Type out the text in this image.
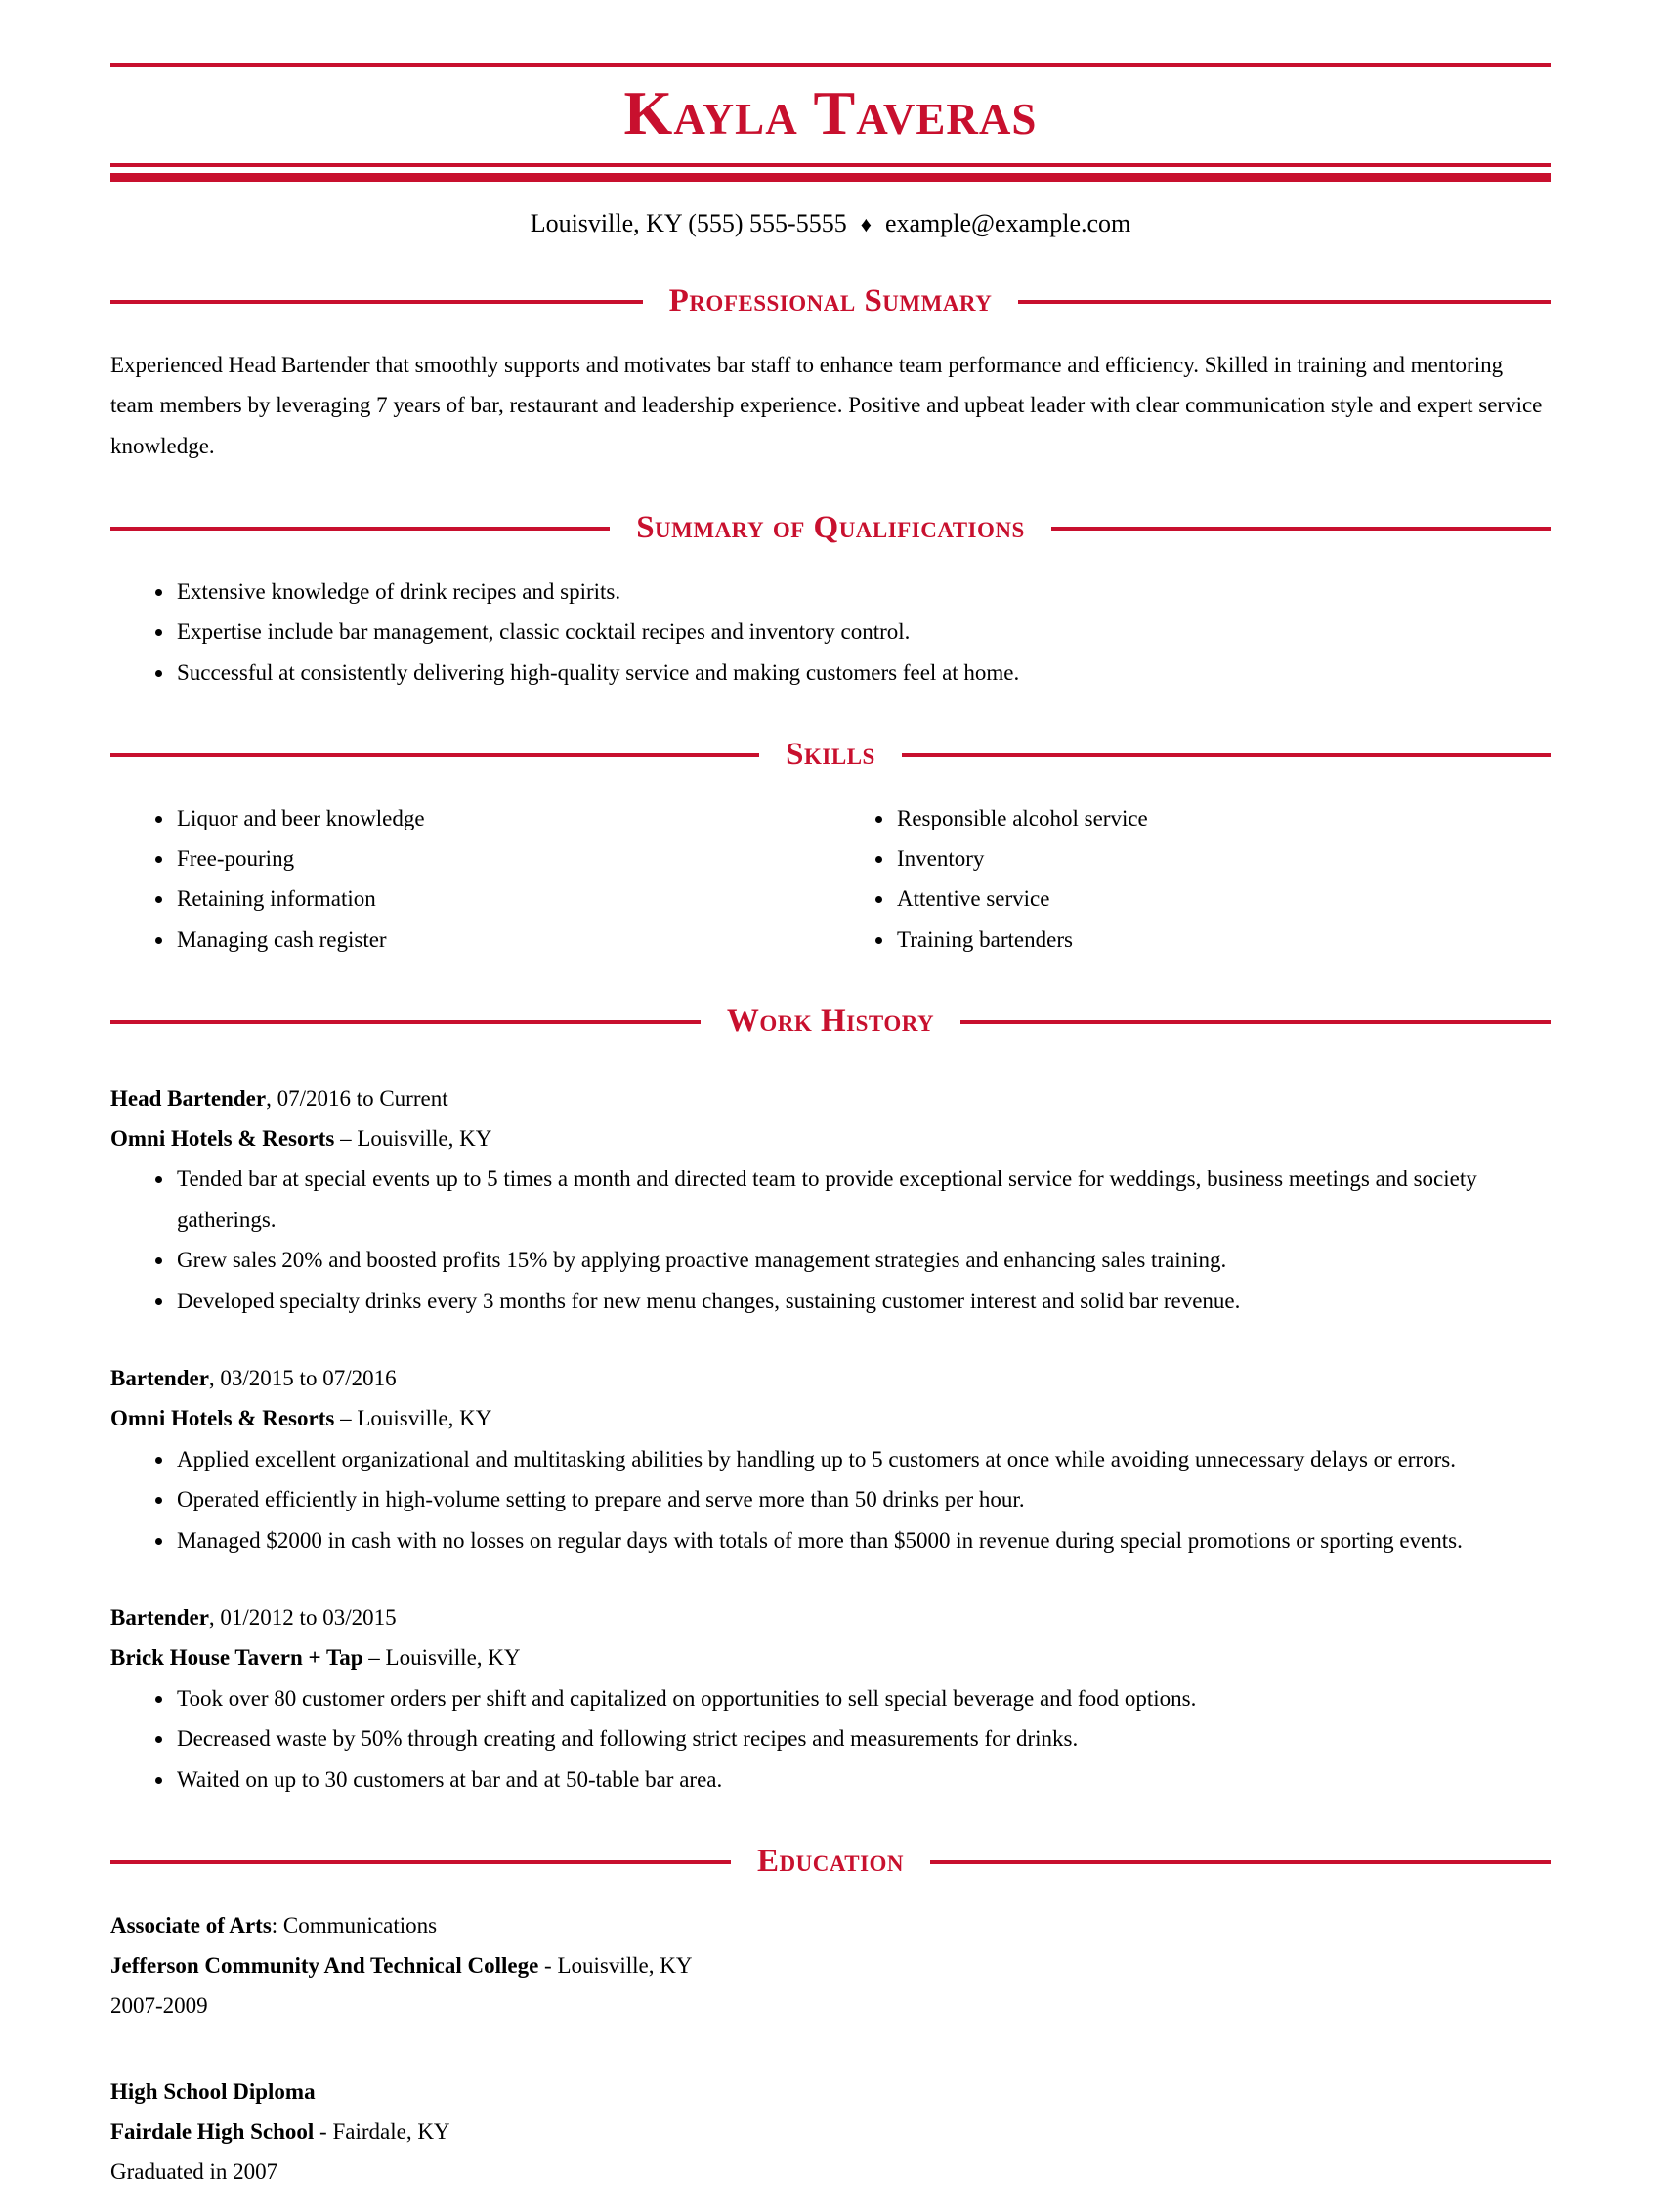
Kayla Taveras
Louisville, KY (555) 555-5555 ♦ example@example.com
Professional Summary

Experienced Head Bartender that smoothly supports and motivates bar staff to enhance team performance and efficiency. Skilled in training and mentoring team members by leveraging 7 years of bar, restaurant and leadership experience. Positive and upbeat leader with clear communication style and expert service knowledge.

Summary of Qualifications
• Extensive knowledge of drink recipes and spirits.
• Expertise include bar management, classic cocktail recipes and inventory control.
• Successful at consistently delivering high-quality service and making customers feel at home.
Skills
• Liquor and beer knowledge
• Free-pouring
• Retaining information
• Managing cash register
• Responsible alcohol service
• Inventory
• Attentive service
• Training bartenders
Work History
Head Bartender, 07/2016 to Current
Omni Hotels & Resorts – Louisville, KY
• Tended bar at special events up to 5 times a month and directed team to provide exceptional service for weddings, business meetings and society gatherings.
• Grew sales 20% and boosted profits 15% by applying proactive management strategies and enhancing sales training.
• Developed specialty drinks every 3 months for new menu changes, sustaining customer interest and solid bar revenue.
Bartender, 03/2015 to 07/2016
Omni Hotels & Resorts – Louisville, KY
• Applied excellent organizational and multitasking abilities by handling up to 5 customers at once while avoiding unnecessary delays or errors.
• Operated efficiently in high-volume setting to prepare and serve more than 50 drinks per hour.
• Managed $2000 in cash with no losses on regular days with totals of more than $5000 in revenue during special promotions or sporting events.
Bartender, 01/2012 to 03/2015
Brick House Tavern + Tap – Louisville, KY
• Took over 80 customer orders per shift and capitalized on opportunities to sell special beverage and food options.
• Decreased waste by 50% through creating and following strict recipes and measurements for drinks.
• Waited on up to 30 customers at bar and at 50-table bar area.
Education
Associate of Arts: Communications
Jefferson Community And Technical College - Louisville, KY
2007-2009
High School Diploma
Fairdale High School - Fairdale, KY
Graduated in 2007
